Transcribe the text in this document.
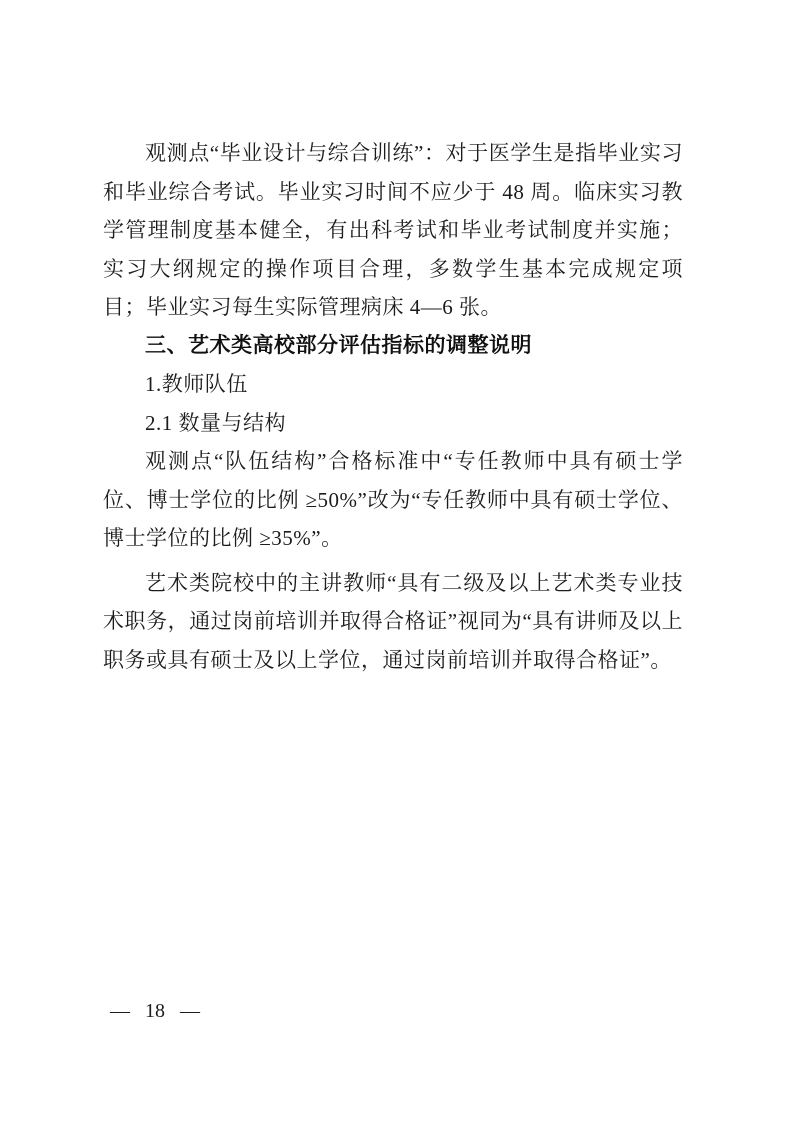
观测点“毕业设计与综合训练”：对于医学生是指毕业实习和毕业综合考试。毕业实习时间不应少于 48 周。临床实习教学管理制度基本健全，有出科考试和毕业考试制度并实施；实习大纲规定的操作项目合理，多数学生基本完成规定项目；毕业实习每生实际管理病床 4—6 张。

三、艺术类高校部分评估指标的调整说明

1.教师队伍

2.1 数量与结构

观测点“队伍结构”合格标准中“专任教师中具有硕士学位、博士学位的比例 ≥50%”改为“专任教师中具有硕士学位、博士学位的比例 ≥35%”。

艺术类院校中的主讲教师“具有二级及以上艺术类专业技术职务，通过岗前培训并取得合格证”视同为“具有讲师及以上职务或具有硕士及以上学位，通过岗前培训并取得合格证”。

— 18 —
